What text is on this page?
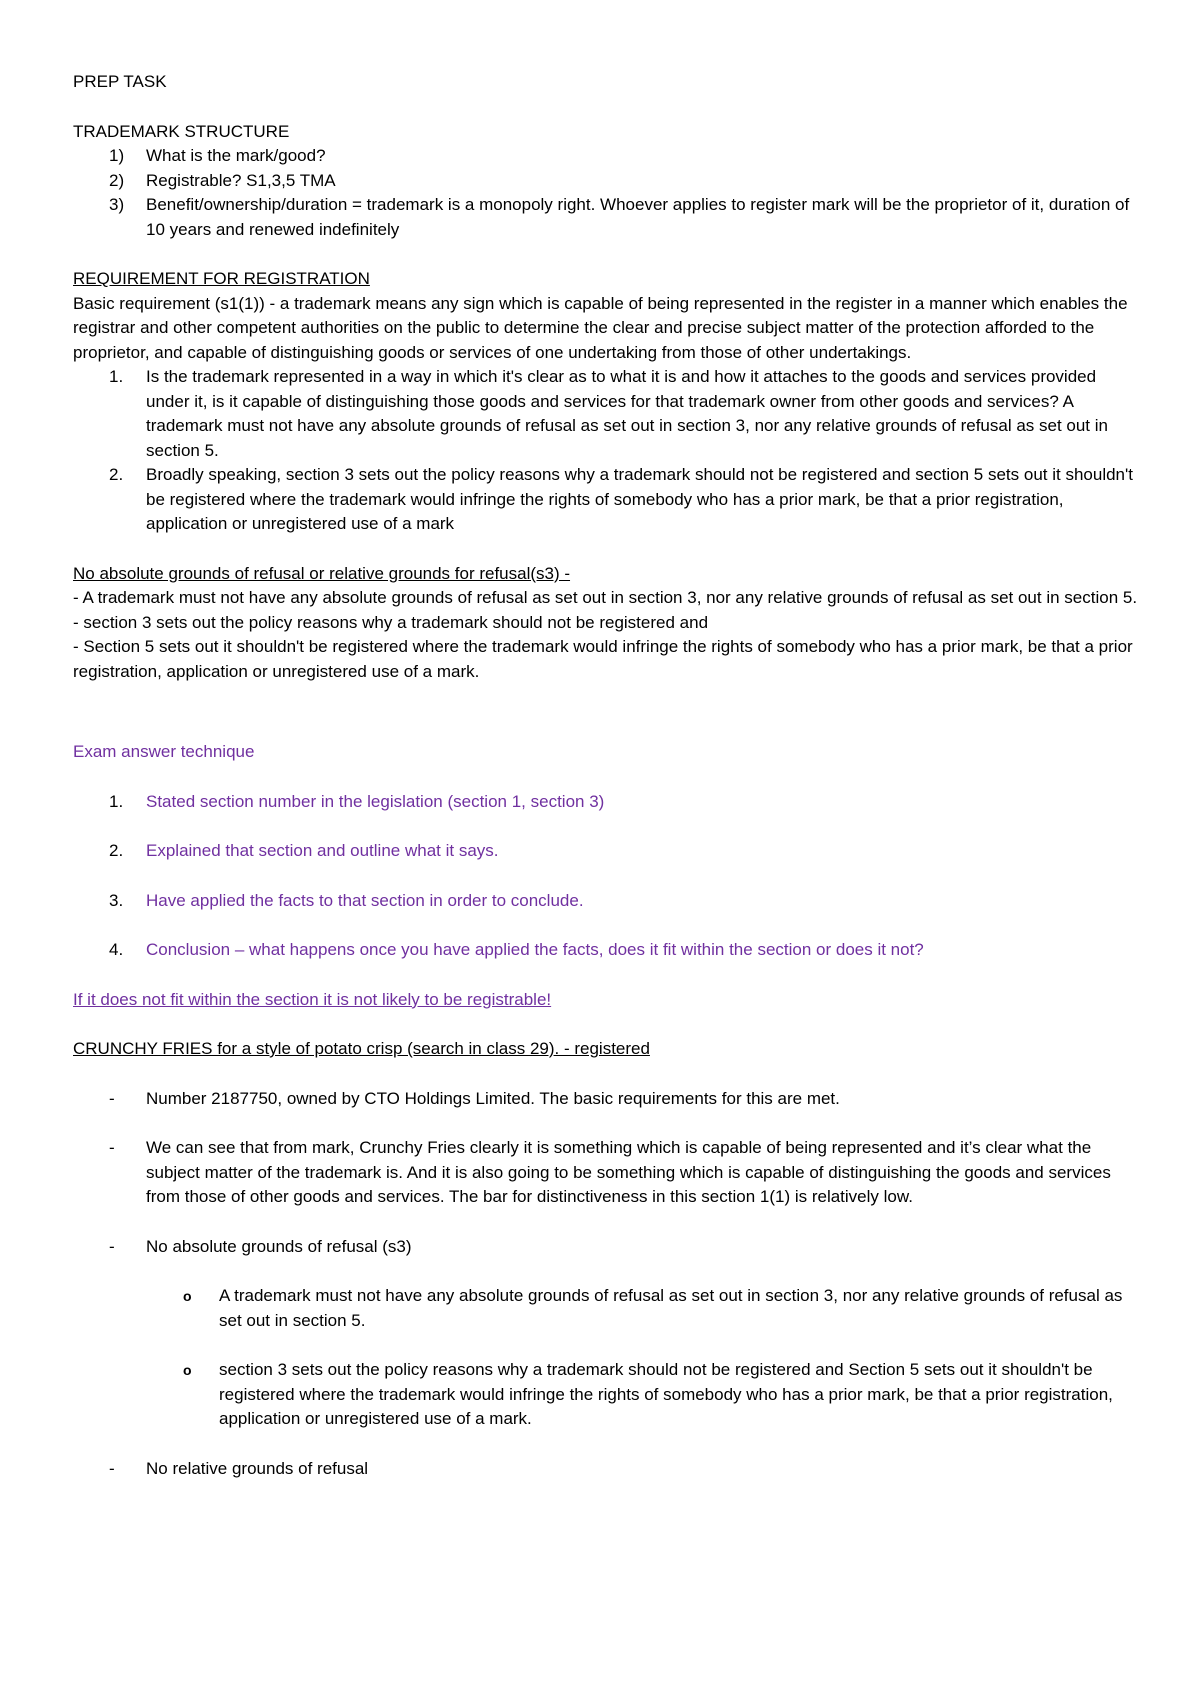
PREP TASK

TRADEMARK STRUCTURE

1) What is the mark/good?
2) Registrable? S1,3,5 TMA
3) Benefit/ownership/duration = trademark is a monopoly right. Whoever applies to register mark will be the proprietor of it, duration of 10 years and renewed indefinitely

REQUIREMENT FOR REGISTRATION

Basic requirement (s1(1)) - a trademark means any sign which is capable of being represented in the register in a manner which enables the registrar and other competent authorities on the public to determine the clear and precise subject matter of the protection afforded to the proprietor, and capable of distinguishing goods or services of one undertaking from those of other undertakings.

1. Is the trademark represented in a way in which it's clear as to what it is and how it attaches to the goods and services provided under it, is it capable of distinguishing those goods and services for that trademark owner from other goods and services? A trademark must not have any absolute grounds of refusal as set out in section 3, nor any relative grounds of refusal as set out in section 5.
2. Broadly speaking, section 3 sets out the policy reasons why a trademark should not be registered and section 5 sets out it shouldn't be registered where the trademark would infringe the rights of somebody who has a prior mark, be that a prior registration, application or unregistered use of a mark

No absolute grounds of refusal or relative grounds for refusal(s3) -

- A trademark must not have any absolute grounds of refusal as set out in section 3, nor any relative grounds of refusal as set out in section 5.

- section 3 sets out the policy reasons why a trademark should not be registered and

- Section 5 sets out it shouldn't be registered where the trademark would infringe the rights of somebody who has a prior mark, be that a prior registration, application or unregistered use of a mark.

Exam answer technique

1. Stated section number in the legislation (section 1, section 3)
2. Explained that section and outline what it says.
3. Have applied the facts to that section in order to conclude.
4. Conclusion – what happens once you have applied the facts, does it fit within the section or does it not?

If it does not fit within the section it is not likely to be registrable!

CRUNCHY FRIES for a style of potato crisp (search in class 29). - registered

- Number 2187750, owned by CTO Holdings Limited. The basic requirements for this are met.
- We can see that from mark, Crunchy Fries clearly it is something which is capable of being represented and it’s clear what the subject matter of the trademark is. And it is also going to be something which is capable of distinguishing the goods and services from those of other goods and services. The bar for distinctiveness in this section 1(1) is relatively low.
- No absolute grounds of refusal (s3)
o A trademark must not have any absolute grounds of refusal as set out in section 3, nor any relative grounds of refusal as set out in section 5.
o section 3 sets out the policy reasons why a trademark should not be registered and Section 5 sets out it shouldn't be registered where the trademark would infringe the rights of somebody who has a prior mark, be that a prior registration, application or unregistered use of a mark.
- No relative grounds of refusal
